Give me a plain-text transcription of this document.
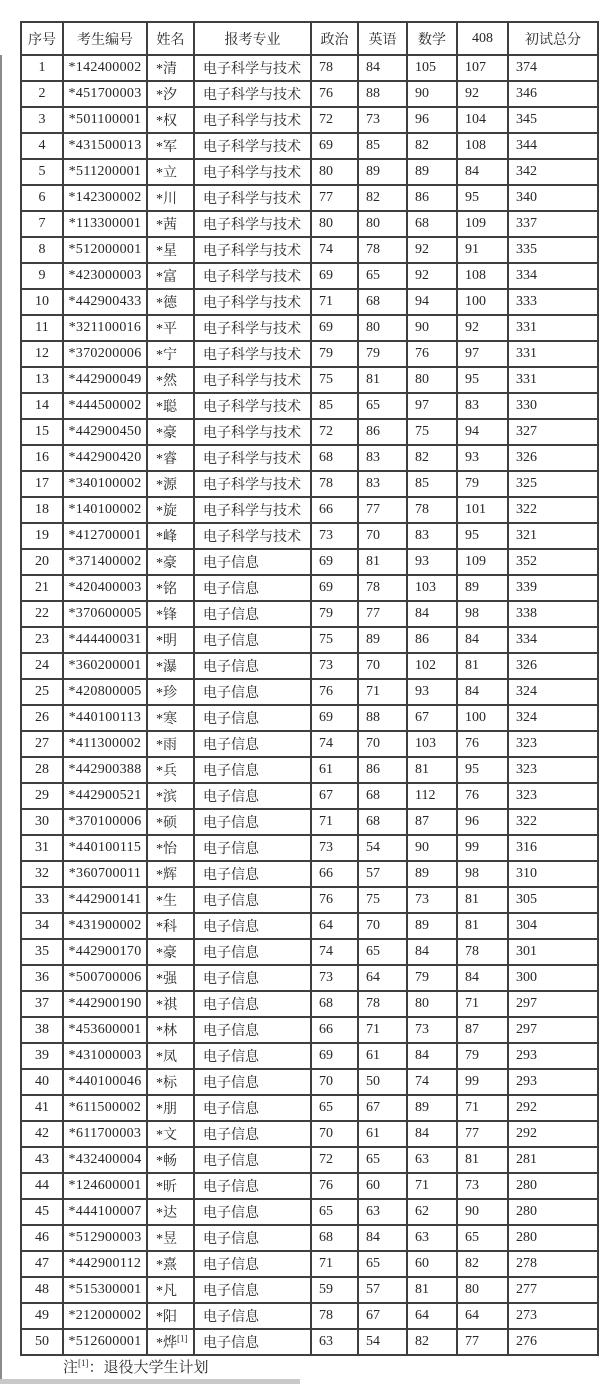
序号	考生编号	姓名	报考专业	政治	英语	数学	408	初试总分
1	*142400002	*清	电子科学与技术	78	84	105	107	374
2	*451700003	*汐	电子科学与技术	76	88	90	92	346
3	*501100001	*权	电子科学与技术	72	73	96	104	345
4	*431500013	*军	电子科学与技术	69	85	82	108	344
5	*511200001	*立	电子科学与技术	80	89	89	84	342
6	*142300002	*川	电子科学与技术	77	82	86	95	340
7	*113300001	*茜	电子科学与技术	80	80	68	109	337
8	*512000001	*星	电子科学与技术	74	78	92	91	335
9	*423000003	*富	电子科学与技术	69	65	92	108	334
10	*442900433	*德	电子科学与技术	71	68	94	100	333
11	*321100016	*平	电子科学与技术	69	80	90	92	331
12	*370200006	*宁	电子科学与技术	79	79	76	97	331
13	*442900049	*然	电子科学与技术	75	81	80	95	331
14	*444500002	*聪	电子科学与技术	85	65	97	83	330
15	*442900450	*豪	电子科学与技术	72	86	75	94	327
16	*442900420	*睿	电子科学与技术	68	83	82	93	326
17	*340100002	*源	电子科学与技术	78	83	85	79	325
18	*140100002	*旋	电子科学与技术	66	77	78	101	322
19	*412700001	*峰	电子科学与技术	73	70	83	95	321
20	*371400002	*豪	电子信息	69	81	93	109	352
21	*420400003	*铭	电子信息	69	78	103	89	339
22	*370600005	*锋	电子信息	79	77	84	98	338
23	*444400031	*明	电子信息	75	89	86	84	334
24	*360200001	*瀑	电子信息	73	70	102	81	326
25	*420800005	*珍	电子信息	76	71	93	84	324
26	*440100113	*寒	电子信息	69	88	67	100	324
27	*411300002	*雨	电子信息	74	70	103	76	323
28	*442900388	*兵	电子信息	61	86	81	95	323
29	*442900521	*滨	电子信息	67	68	112	76	323
30	*370100006	*硕	电子信息	71	68	87	96	322
31	*440100115	*怡	电子信息	73	54	90	99	316
32	*360700011	*辉	电子信息	66	57	89	98	310
33	*442900141	*生	电子信息	76	75	73	81	305
34	*431900002	*科	电子信息	64	70	89	81	304
35	*442900170	*豪	电子信息	74	65	84	78	301
36	*500700006	*强	电子信息	73	64	79	84	300
37	*442900190	*祺	电子信息	68	78	80	71	297
38	*453600001	*林	电子信息	66	71	73	87	297
39	*431000003	*凤	电子信息	69	61	84	79	293
40	*440100046	*标	电子信息	70	50	74	99	293
41	*611500002	*朋	电子信息	65	67	89	71	292
42	*611700003	*文	电子信息	70	61	84	77	292
43	*432400004	*畅	电子信息	72	65	63	81	281
44	*124600001	*昕	电子信息	76	60	71	73	280
45	*444100007	*达	电子信息	65	63	62	90	280
46	*512900003	*昱	电子信息	68	84	63	65	280
47	*442900112	*熹	电子信息	71	65	60	82	278
48	*515300001	*凡	电子信息	59	57	81	80	277
49	*212000002	*阳	电子信息	78	67	64	64	273
50	*512600001	*烨[1]	电子信息	63	54	82	77	276
注[1]：退役大学生计划
